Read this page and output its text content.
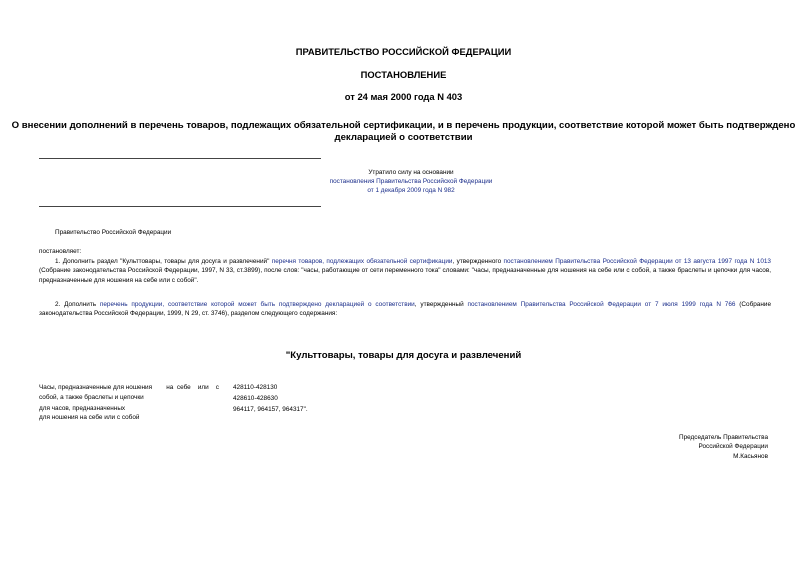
ПРАВИТЕЛЬСТВО РОССИЙСКОЙ ФЕДЕРАЦИИ
ПОСТАНОВЛЕНИЕ
от 24 мая 2000 года N 403
О внесении дополнений в перечень товаров, подлежащих обязательной сертификации, и в перечень продукции, соответствие которой может быть подтверждено
декларацией о соответствии
Утратило силу на основании
постановления Правительства Российской Федерации
от 1 декабря 2009 года N 982
Правительство Российской Федерации
постановляет:
1. Дополнить раздел "Культтовары, товары для досуга и развлечений" перечня товаров, подлежащих обязательной сертификации, утвержденного постановлением Правительства Российской Федерации от 13 августа 1997 года N 1013 (Собрание законодательства Российской Федерации, 1997, N 33, ст.3899), после слов: "часы, работающие от сети переменного тока" словами: "часы, предназначенные для ношения на себе или с собой, а также браслеты и цепочки для часов, предназначенные для ношения на себе или с собой".
2. Дополнить перечень продукции, соответствие которой может быть подтверждено декларацией о соответствии, утвержденный постановлением Правительства Российской Федерации от 7 июля 1999 года N 766 (Собрание законодательства Российской Федерации, 1999, N 29, ст. 3746), разделом следующего содержания:
"Культтовары, товары для досуга и развлечений
Часы, предназначенные для ношения        на  себе    или    с
собой, а также браслеты и цепочки
для часов, предназначенных
для ношения на себе или с собой
428110-428130
428610-428630
964117, 964157, 964317".
Председатель Правительства
Российской Федерации
М.Касьянов
